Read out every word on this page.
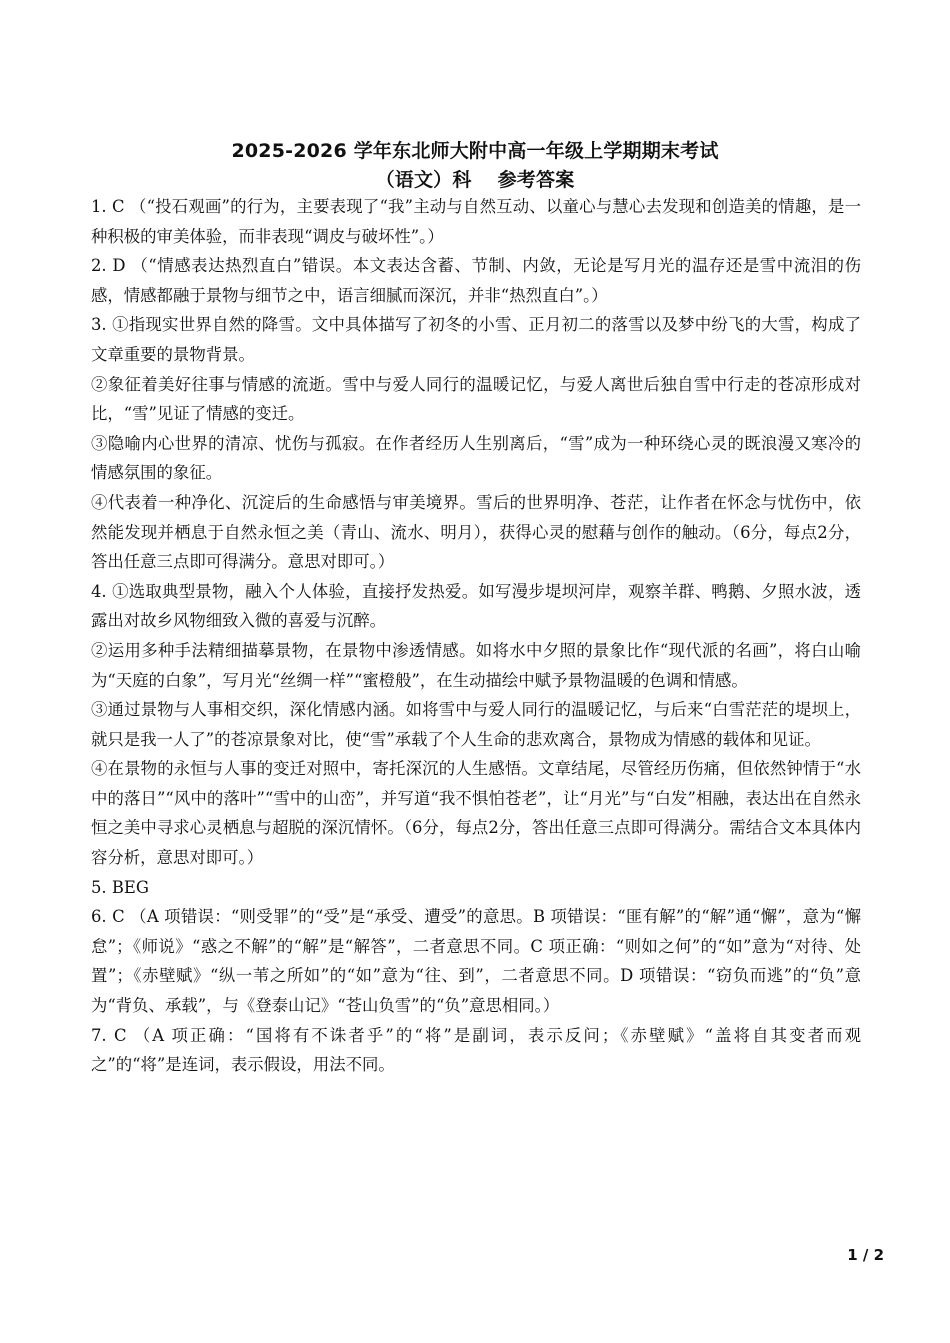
2025-2026 学年东北师大附中高一年级上学期期末考试
（语文）科 参考答案

1. C （“投石观画”的行为，主要表现了“我”主动与自然互动、以童心与慧心去发现和创造美的情趣，是一种积极的审美体验，而非表现“调皮与破坏性”。）

2. D （“情感表达热烈直白”错误。本文表达含蓄、节制、内敛，无论是写月光的温存还是雪中流泪的伤感，情感都融于景物与细节之中，语言细腻而深沉，并非“热烈直白”。）

3. ①指现实世界自然的降雪。文中具体描写了初冬的小雪、正月初二的落雪以及梦中纷飞的大雪，构成了文章重要的景物背景。

②象征着美好往事与情感的流逝。雪中与爱人同行的温暖记忆，与爱人离世后独自雪中行走的苍凉形成对比，“雪”见证了情感的变迁。

③隐喻内心世界的清凉、忧伤与孤寂。在作者经历人生别离后，“雪”成为一种环绕心灵的既浪漫又寒冷的情感氛围的象征。

④代表着一种净化、沉淀后的生命感悟与审美境界。雪后的世界明净、苍茫，让作者在怀念与忧伤中，依然能发现并栖息于自然永恒之美（青山、流水、明月），获得心灵的慰藉与创作的触动。（6分，每点2分，答出任意三点即可得满分。意思对即可。）

4. ①选取典型景物，融入个人体验，直接抒发热爱。如写漫步堤坝河岸，观察羊群、鸭鹅、夕照水波，透露出对故乡风物细致入微的喜爱与沉醉。

②运用多种手法精细描摹景物，在景物中渗透情感。如将水中夕照的景象比作“现代派的名画”，将白山喻为“天庭的白象”，写月光“丝绸一样”“蜜橙般”，在生动描绘中赋予景物温暖的色调和情感。

③通过景物与人事相交织，深化情感内涵。如将雪中与爱人同行的温暖记忆，与后来“白雪茫茫的堤坝上，就只是我一人了”的苍凉景象对比，使“雪”承载了个人生命的悲欢离合，景物成为情感的载体和见证。

④在景物的永恒与人事的变迁对照中，寄托深沉的人生感悟。文章结尾，尽管经历伤痛，但依然钟情于“水中的落日”“风中的落叶”“雪中的山峦”，并写道“我不惧怕苍老”，让“月光”与“白发”相融，表达出在自然永恒之美中寻求心灵栖息与超脱的深沉情怀。（6分，每点2分，答出任意三点即可得满分。需结合文本具体内容分析，意思对即可。）

5. BEG

6. C （A 项错误：“则受罪”的“受”是“承受、遭受”的意思。B 项错误：“匪有解”的“解”通“懈”，意为“懈怠”；《师说》“惑之不解”的“解”是“解答”，二者意思不同。C 项正确：“则如之何”的“如”意为“对待、处置”；《赤壁赋》“纵一苇之所如”的“如”意为“往、到”，二者意思不同。D 项错误：“窃负而逃”的“负”意为“背负、承载”，与《登泰山记》“苍山负雪”的“负”意思相同。）

7. C （A 项正确：“国将有不诛者乎”的“将”是副词，表示反问；《赤壁赋》“盖将自其变者而观之”的“将”是连词，表示假设，用法不同。

1 / 2
